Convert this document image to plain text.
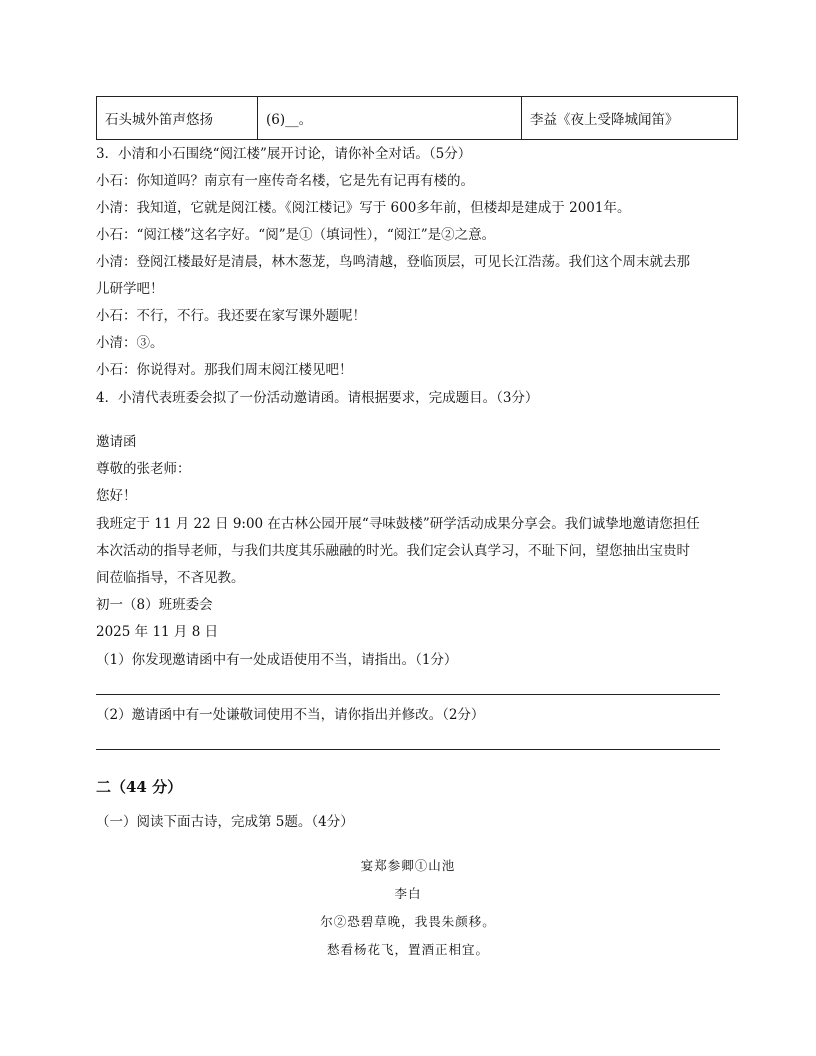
石头城外笛声悠扬	(6)__。	李益《夜上受降城闻笛》
3．小清和小石围绕“阅江楼”展开讨论，请你补全对话。（5分）
小石：你知道吗？南京有一座传奇名楼，它是先有记再有楼的。
小清：我知道，它就是阅江楼。《阅江楼记》写于 600多年前，但楼却是建成于 2001年。
小石：“阅江楼”这名字好。“阅”是①（填词性），“阅江”是②之意。
小清：登阅江楼最好是清晨，林木葱茏，鸟鸣清越，登临顶层，可见长江浩荡。我们这个周末就去那
儿研学吧！
小石：不行，不行。我还要在家写课外题呢！
小清：③。
小石：你说得对。那我们周末阅江楼见吧！
4．小清代表班委会拟了一份活动邀请函。请根据要求，完成题目。（3分）
邀请函
尊敬的张老师：
您好！
我班定于 11 月 22 日 9:00 在古林公园开展“寻味鼓楼”研学活动成果分享会。我们诚挚地邀请您担任
本次活动的指导老师，与我们共度其乐融融的时光。我们定会认真学习，不耻下问，望您抽出宝贵时
间莅临指导，不吝见教。
初一（8）班班委会
2025 年 11 月 8 日
（1）你发现邀请函中有一处成语使用不当，请指出。（1分）
（2）邀请函中有一处谦敬词使用不当，请你指出并修改。（2分）
二（44 分）
（一）阅读下面古诗，完成第 5题。（4分）
宴郑参卿①山池
李白
尔②恐碧草晚，我畏朱颜移。
愁看杨花飞，置酒正相宜。
